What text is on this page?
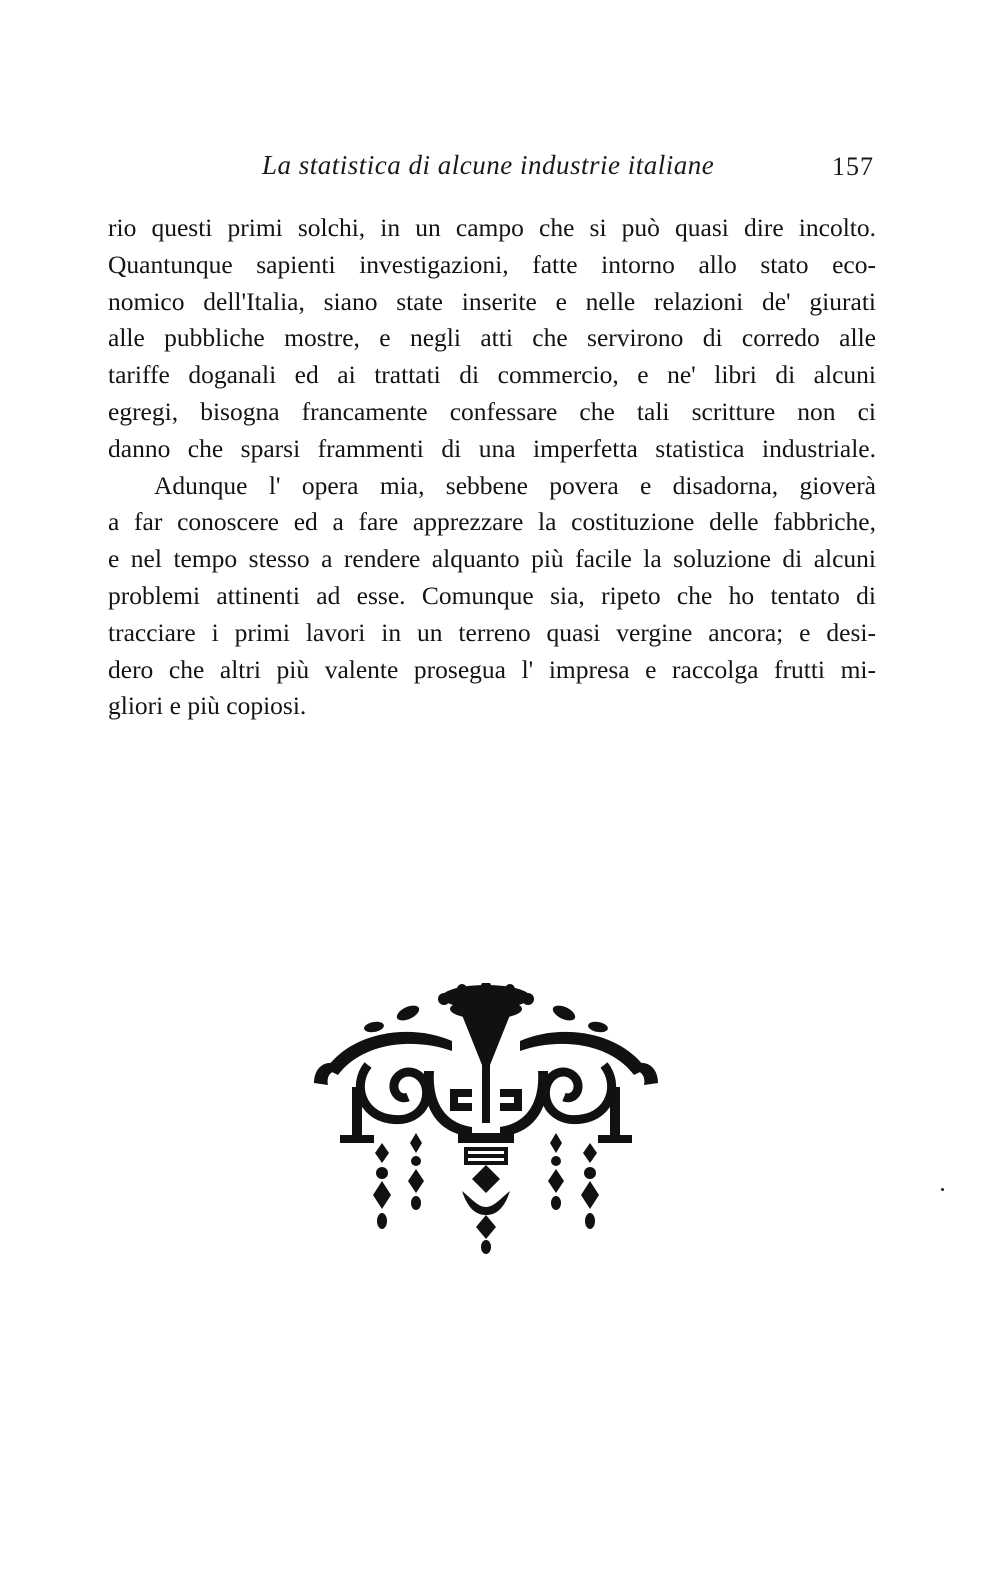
La statistica di alcune industrie italiane	157
rio questi primi solchi, in un campo che si può quasi dire incolto.
Quantunque sapienti investigazioni, fatte intorno allo stato eco-
nomico dell'Italia, siano state inserite e nelle relazioni de' giurati
alle pubbliche mostre, e negli atti che servirono di corredo alle
tariffe doganali ed ai trattati di commercio, e ne' libri di alcuni
egregi, bisogna francamente confessare che tali scritture non ci
danno che sparsi frammenti di una imperfetta statistica industriale.
Adunque l' opera mia, sebbene povera e disadorna, gioverà
a far conoscere ed a fare apprezzare la costituzione delle fabbriche,
e nel tempo stesso a rendere alquanto più facile la soluzione di alcuni
problemi attinenti ad esse. Comunque sia, ripeto che ho tentato di
tracciare i primi lavori in un terreno quasi vergine ancora; e desi-
dero che altri più valente prosegua l' impresa e raccolga frutti mi-
gliori e più copiosi.
